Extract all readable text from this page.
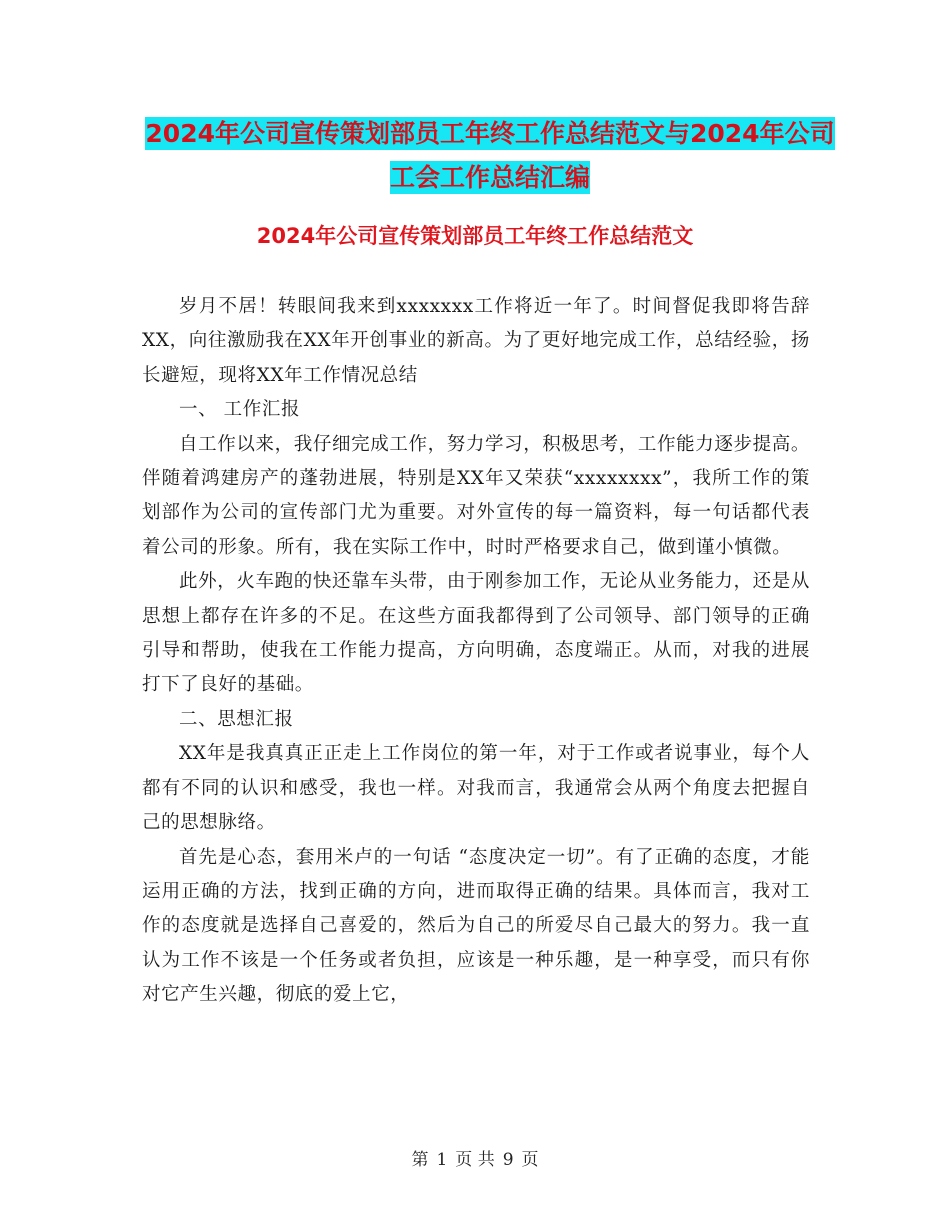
2024年公司宣传策划部员工年终工作总结范文与2024年公司工会工作总结汇编
2024年公司宣传策划部员工年终工作总结范文

岁月不居！转眼间我来到xxxxxxx工作将近一年了。时间督促我即将告辞XX，向往激励我在XX年开创事业的新高。为了更好地完成工作，总结经验，扬长避短，现将XX年工作情况总结

一、 工作汇报

自工作以来，我仔细完成工作，努力学习，积极思考，工作能力逐步提高。伴随着鸿建房产的蓬勃进展，特别是XX年又荣获“xxxxxxxx”，我所工作的策划部作为公司的宣传部门尤为重要。对外宣传的每一篇资料，每一句话都代表着公司的形象。所有，我在实际工作中，时时严格要求自己，做到谨小慎微。

此外，火车跑的快还靠车头带，由于刚参加工作，无论从业务能力，还是从思想上都存在许多的不足。在这些方面我都得到了公司领导、部门领导的正确引导和帮助，使我在工作能力提高，方向明确，态度端正。从而，对我的进展打下了良好的基础。

二、思想汇报

XX年是我真真正正走上工作岗位的第一年，对于工作或者说事业，每个人都有不同的认识和感受，我也一样。对我而言，我通常会从两个角度去把握自己的思想脉络。

首先是心态，套用米卢的一句话 “态度决定一切”。有了正确的态度，才能运用正确的方法，找到正确的方向，进而取得正确的结果。具体而言，我对工作的态度就是选择自己喜爱的，然后为自己的所爱尽自己最大的努力。我一直认为工作不该是一个任务或者负担，应该是一种乐趣，是一种享受，而只有你对它产生兴趣，彻底的爱上它，

第 1 页 共 9 页
